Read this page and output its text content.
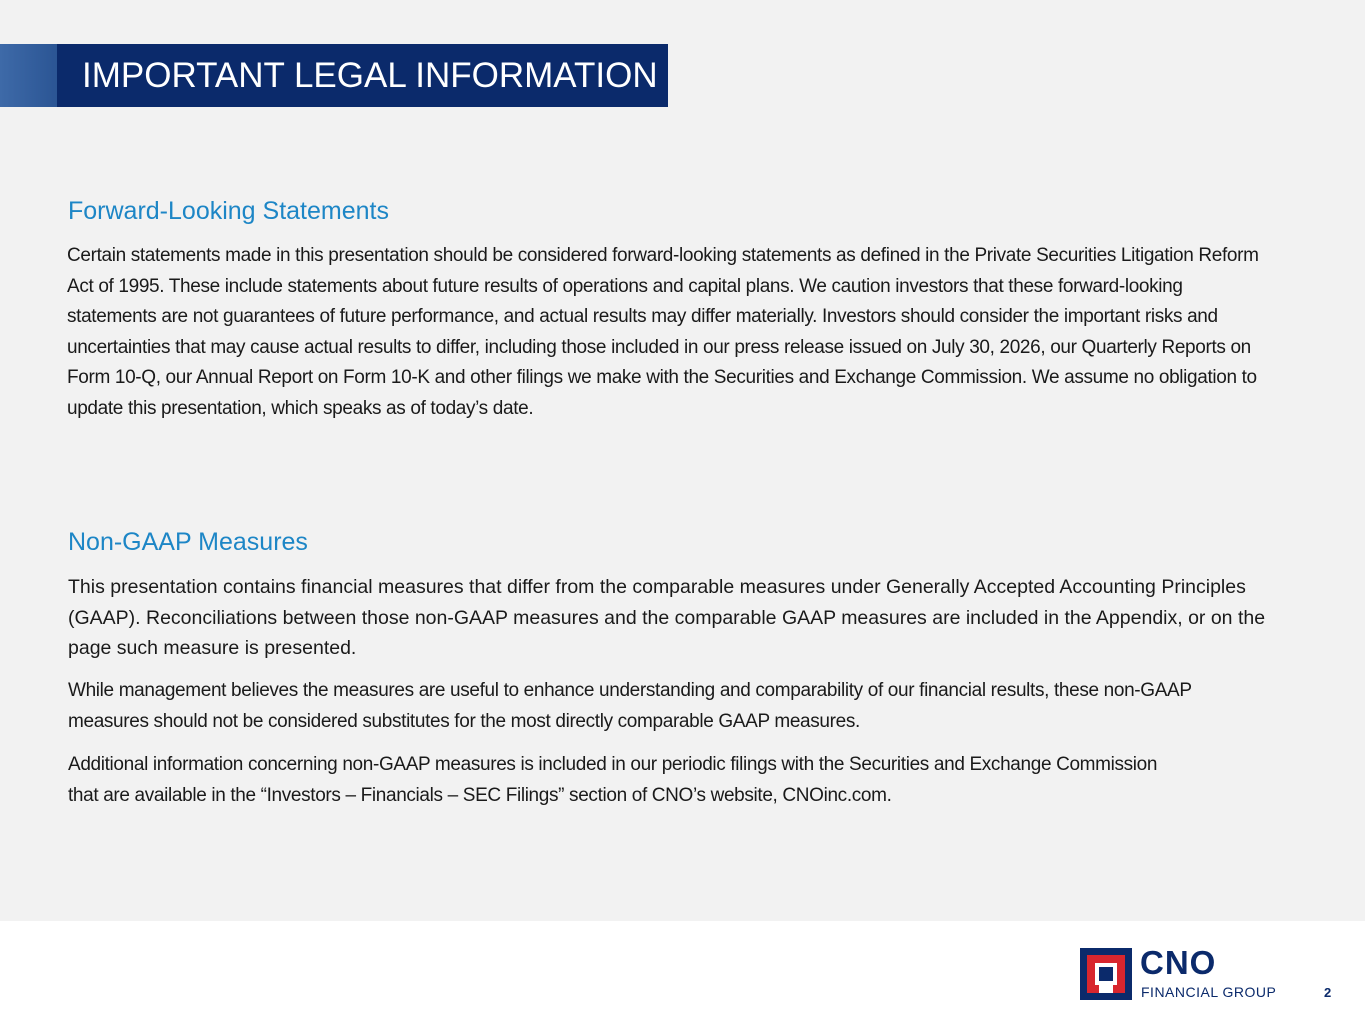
IMPORTANT LEGAL INFORMATION
Forward-Looking Statements

Certain statements made in this presentation should be considered forward-looking statements as defined in the Private Securities Litigation Reform Act of 1995. These include statements about future results of operations and capital plans. We caution investors that these forward-looking statements are not guarantees of future performance, and actual results may differ materially. Investors should consider the important risks and uncertainties that may cause actual results to differ, including those included in our press release issued on July 30, 2026, our Quarterly Reports on Form 10-Q, our Annual Report on Form 10-K and other filings we make with the Securities and Exchange Commission. We assume no obligation to update this presentation, which speaks as of today’s date.

Non-GAAP Measures

This presentation contains financial measures that differ from the comparable measures under Generally Accepted Accounting Principles (GAAP). Reconciliations between those non-GAAP measures and the comparable GAAP measures are included in the Appendix, or on the page such measure is presented.

While management believes the measures are useful to enhance understanding and comparability of our financial results, these non-GAAP measures should not be considered substitutes for the most directly comparable GAAP measures.

Additional information concerning non-GAAP measures is included in our periodic filings with the Securities and Exchange Commission that are available in the “Investors – Financials – SEC Filings” section of CNO’s website, CNOinc.com.

CNO
FINANCIAL GROUP	2
